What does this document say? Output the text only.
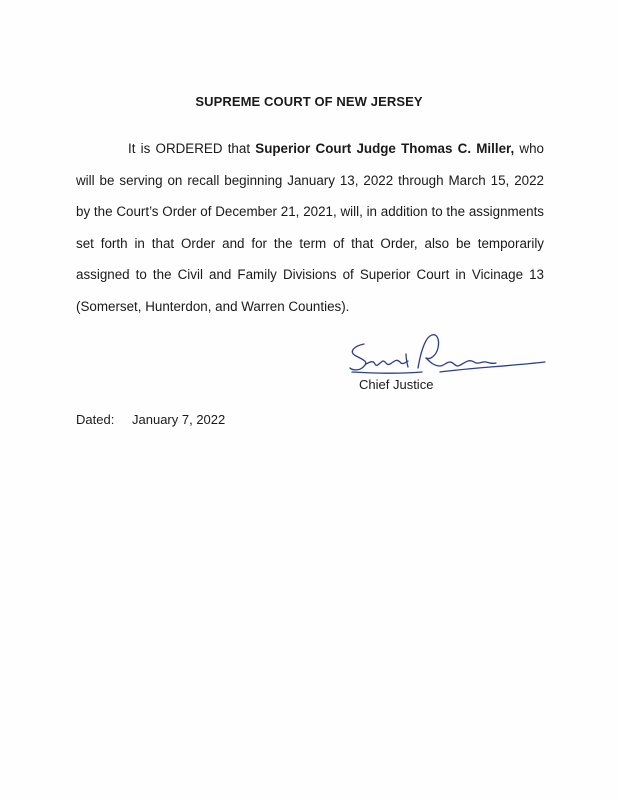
SUPREME COURT OF NEW JERSEY

It is ORDERED that Superior Court Judge Thomas C. Miller, who will be serving on recall beginning January 13, 2022 through March 15, 2022 by the Court’s Order of December 21, 2021, will, in addition to the assignments set forth in that Order and for the term of that Order, also be temporarily assigned to the Civil and Family Divisions of Superior Court in Vicinage 13 (Somerset, Hunterdon, and Warren Counties).

Chief Justice
Dated: January 7, 2022
